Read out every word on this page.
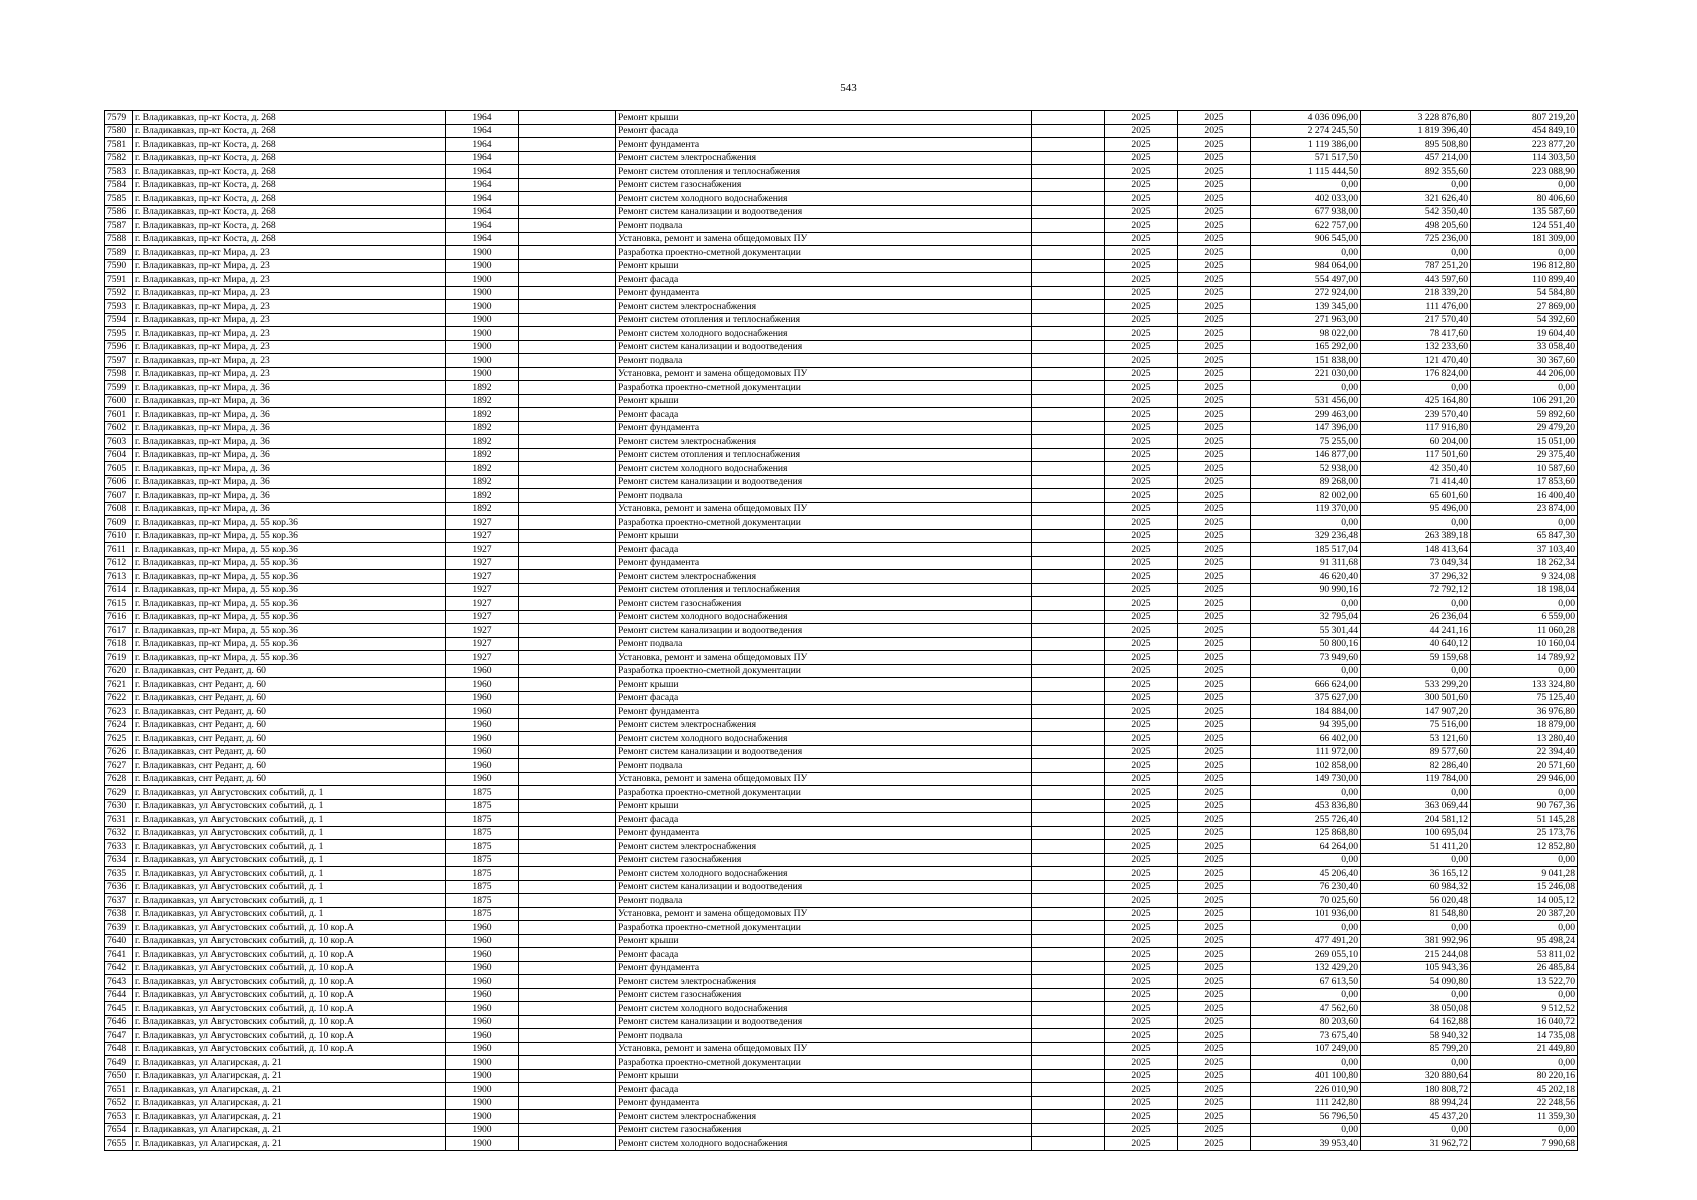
543
7579	г. Владикавказ, пр-кт Коста, д. 268	1964		Ремонт крыши		2025	2025	4 036 096,00	3 228 876,80	807 219,20
7580	г. Владикавказ, пр-кт Коста, д. 268	1964		Ремонт фасада		2025	2025	2 274 245,50	1 819 396,40	454 849,10
7581	г. Владикавказ, пр-кт Коста, д. 268	1964		Ремонт фундамента		2025	2025	1 119 386,00	895 508,80	223 877,20
7582	г. Владикавказ, пр-кт Коста, д. 268	1964		Ремонт систем электроснабжения		2025	2025	571 517,50	457 214,00	114 303,50
7583	г. Владикавказ, пр-кт Коста, д. 268	1964		Ремонт систем отопления и теплоснабжения		2025	2025	1 115 444,50	892 355,60	223 088,90
7584	г. Владикавказ, пр-кт Коста, д. 268	1964		Ремонт систем газоснабжения		2025	2025	0,00	0,00	0,00
7585	г. Владикавказ, пр-кт Коста, д. 268	1964		Ремонт систем холодного водоснабжения		2025	2025	402 033,00	321 626,40	80 406,60
7586	г. Владикавказ, пр-кт Коста, д. 268	1964		Ремонт систем канализации и водоотведения		2025	2025	677 938,00	542 350,40	135 587,60
7587	г. Владикавказ, пр-кт Коста, д. 268	1964		Ремонт подвала		2025	2025	622 757,00	498 205,60	124 551,40
7588	г. Владикавказ, пр-кт Коста, д. 268	1964		Установка, ремонт и замена общедомовых ПУ		2025	2025	906 545,00	725 236,00	181 309,00
7589	г. Владикавказ, пр-кт Мира, д. 23	1900		Разработка проектно-сметной документации		2025	2025	0,00	0,00	0,00
7590	г. Владикавказ, пр-кт Мира, д. 23	1900		Ремонт крыши		2025	2025	984 064,00	787 251,20	196 812,80
7591	г. Владикавказ, пр-кт Мира, д. 23	1900		Ремонт фасада		2025	2025	554 497,00	443 597,60	110 899,40
7592	г. Владикавказ, пр-кт Мира, д. 23	1900		Ремонт фундамента		2025	2025	272 924,00	218 339,20	54 584,80
7593	г. Владикавказ, пр-кт Мира, д. 23	1900		Ремонт систем электроснабжения		2025	2025	139 345,00	111 476,00	27 869,00
7594	г. Владикавказ, пр-кт Мира, д. 23	1900		Ремонт систем отопления и теплоснабжения		2025	2025	271 963,00	217 570,40	54 392,60
7595	г. Владикавказ, пр-кт Мира, д. 23	1900		Ремонт систем холодного водоснабжения		2025	2025	98 022,00	78 417,60	19 604,40
7596	г. Владикавказ, пр-кт Мира, д. 23	1900		Ремонт систем канализации и водоотведения		2025	2025	165 292,00	132 233,60	33 058,40
7597	г. Владикавказ, пр-кт Мира, д. 23	1900		Ремонт подвала		2025	2025	151 838,00	121 470,40	30 367,60
7598	г. Владикавказ, пр-кт Мира, д. 23	1900		Установка, ремонт и замена общедомовых ПУ		2025	2025	221 030,00	176 824,00	44 206,00
7599	г. Владикавказ, пр-кт Мира, д. 36	1892		Разработка проектно-сметной документации		2025	2025	0,00	0,00	0,00
7600	г. Владикавказ, пр-кт Мира, д. 36	1892		Ремонт крыши		2025	2025	531 456,00	425 164,80	106 291,20
7601	г. Владикавказ, пр-кт Мира, д. 36	1892		Ремонт фасада		2025	2025	299 463,00	239 570,40	59 892,60
7602	г. Владикавказ, пр-кт Мира, д. 36	1892		Ремонт фундамента		2025	2025	147 396,00	117 916,80	29 479,20
7603	г. Владикавказ, пр-кт Мира, д. 36	1892		Ремонт систем электроснабжения		2025	2025	75 255,00	60 204,00	15 051,00
7604	г. Владикавказ, пр-кт Мира, д. 36	1892		Ремонт систем отопления и теплоснабжения		2025	2025	146 877,00	117 501,60	29 375,40
7605	г. Владикавказ, пр-кт Мира, д. 36	1892		Ремонт систем холодного водоснабжения		2025	2025	52 938,00	42 350,40	10 587,60
7606	г. Владикавказ, пр-кт Мира, д. 36	1892		Ремонт систем канализации и водоотведения		2025	2025	89 268,00	71 414,40	17 853,60
7607	г. Владикавказ, пр-кт Мира, д. 36	1892		Ремонт подвала		2025	2025	82 002,00	65 601,60	16 400,40
7608	г. Владикавказ, пр-кт Мира, д. 36	1892		Установка, ремонт и замена общедомовых ПУ		2025	2025	119 370,00	95 496,00	23 874,00
7609	г. Владикавказ, пр-кт Мира, д. 55 кор.36	1927		Разработка проектно-сметной документации		2025	2025	0,00	0,00	0,00
7610	г. Владикавказ, пр-кт Мира, д. 55 кор.36	1927		Ремонт крыши		2025	2025	329 236,48	263 389,18	65 847,30
7611	г. Владикавказ, пр-кт Мира, д. 55 кор.36	1927		Ремонт фасада		2025	2025	185 517,04	148 413,64	37 103,40
7612	г. Владикавказ, пр-кт Мира, д. 55 кор.36	1927		Ремонт фундамента		2025	2025	91 311,68	73 049,34	18 262,34
7613	г. Владикавказ, пр-кт Мира, д. 55 кор.36	1927		Ремонт систем электроснабжения		2025	2025	46 620,40	37 296,32	9 324,08
7614	г. Владикавказ, пр-кт Мира, д. 55 кор.36	1927		Ремонт систем отопления и теплоснабжения		2025	2025	90 990,16	72 792,12	18 198,04
7615	г. Владикавказ, пр-кт Мира, д. 55 кор.36	1927		Ремонт систем газоснабжения		2025	2025	0,00	0,00	0,00
7616	г. Владикавказ, пр-кт Мира, д. 55 кор.36	1927		Ремонт систем холодного водоснабжения		2025	2025	32 795,04	26 236,04	6 559,00
7617	г. Владикавказ, пр-кт Мира, д. 55 кор.36	1927		Ремонт систем канализации и водоотведения		2025	2025	55 301,44	44 241,16	11 060,28
7618	г. Владикавказ, пр-кт Мира, д. 55 кор.36	1927		Ремонт подвала		2025	2025	50 800,16	40 640,12	10 160,04
7619	г. Владикавказ, пр-кт Мира, д. 55 кор.36	1927		Установка, ремонт и замена общедомовых ПУ		2025	2025	73 949,60	59 159,68	14 789,92
7620	г. Владикавказ, снт Редант, д. 60	1960		Разработка проектно-сметной документации		2025	2025	0,00	0,00	0,00
7621	г. Владикавказ, снт Редант, д. 60	1960		Ремонт крыши		2025	2025	666 624,00	533 299,20	133 324,80
7622	г. Владикавказ, снт Редант, д. 60	1960		Ремонт фасада		2025	2025	375 627,00	300 501,60	75 125,40
7623	г. Владикавказ, снт Редант, д. 60	1960		Ремонт фундамента		2025	2025	184 884,00	147 907,20	36 976,80
7624	г. Владикавказ, снт Редант, д. 60	1960		Ремонт систем электроснабжения		2025	2025	94 395,00	75 516,00	18 879,00
7625	г. Владикавказ, снт Редант, д. 60	1960		Ремонт систем холодного водоснабжения		2025	2025	66 402,00	53 121,60	13 280,40
7626	г. Владикавказ, снт Редант, д. 60	1960		Ремонт систем канализации и водоотведения		2025	2025	111 972,00	89 577,60	22 394,40
7627	г. Владикавказ, снт Редант, д. 60	1960		Ремонт подвала		2025	2025	102 858,00	82 286,40	20 571,60
7628	г. Владикавказ, снт Редант, д. 60	1960		Установка, ремонт и замена общедомовых ПУ		2025	2025	149 730,00	119 784,00	29 946,00
7629	г. Владикавказ, ул Августовских событий, д. 1	1875		Разработка проектно-сметной документации		2025	2025	0,00	0,00	0,00
7630	г. Владикавказ, ул Августовских событий, д. 1	1875		Ремонт крыши		2025	2025	453 836,80	363 069,44	90 767,36
7631	г. Владикавказ, ул Августовских событий, д. 1	1875		Ремонт фасада		2025	2025	255 726,40	204 581,12	51 145,28
7632	г. Владикавказ, ул Августовских событий, д. 1	1875		Ремонт фундамента		2025	2025	125 868,80	100 695,04	25 173,76
7633	г. Владикавказ, ул Августовских событий, д. 1	1875		Ремонт систем электроснабжения		2025	2025	64 264,00	51 411,20	12 852,80
7634	г. Владикавказ, ул Августовских событий, д. 1	1875		Ремонт систем газоснабжения		2025	2025	0,00	0,00	0,00
7635	г. Владикавказ, ул Августовских событий, д. 1	1875		Ремонт систем холодного водоснабжения		2025	2025	45 206,40	36 165,12	9 041,28
7636	г. Владикавказ, ул Августовских событий, д. 1	1875		Ремонт систем канализации и водоотведения		2025	2025	76 230,40	60 984,32	15 246,08
7637	г. Владикавказ, ул Августовских событий, д. 1	1875		Ремонт подвала		2025	2025	70 025,60	56 020,48	14 005,12
7638	г. Владикавказ, ул Августовских событий, д. 1	1875		Установка, ремонт и замена общедомовых ПУ		2025	2025	101 936,00	81 548,80	20 387,20
7639	г. Владикавказ, ул Августовских событий, д. 10 кор.А	1960		Разработка проектно-сметной документации		2025	2025	0,00	0,00	0,00
7640	г. Владикавказ, ул Августовских событий, д. 10 кор.А	1960		Ремонт крыши		2025	2025	477 491,20	381 992,96	95 498,24
7641	г. Владикавказ, ул Августовских событий, д. 10 кор.А	1960		Ремонт фасада		2025	2025	269 055,10	215 244,08	53 811,02
7642	г. Владикавказ, ул Августовских событий, д. 10 кор.А	1960		Ремонт фундамента		2025	2025	132 429,20	105 943,36	26 485,84
7643	г. Владикавказ, ул Августовских событий, д. 10 кор.А	1960		Ремонт систем электроснабжения		2025	2025	67 613,50	54 090,80	13 522,70
7644	г. Владикавказ, ул Августовских событий, д. 10 кор.А	1960		Ремонт систем газоснабжения		2025	2025	0,00	0,00	0,00
7645	г. Владикавказ, ул Августовских событий, д. 10 кор.А	1960		Ремонт систем холодного водоснабжения		2025	2025	47 562,60	38 050,08	9 512,52
7646	г. Владикавказ, ул Августовских событий, д. 10 кор.А	1960		Ремонт систем канализации и водоотведения		2025	2025	80 203,60	64 162,88	16 040,72
7647	г. Владикавказ, ул Августовских событий, д. 10 кор.А	1960		Ремонт подвала		2025	2025	73 675,40	58 940,32	14 735,08
7648	г. Владикавказ, ул Августовских событий, д. 10 кор.А	1960		Установка, ремонт и замена общедомовых ПУ		2025	2025	107 249,00	85 799,20	21 449,80
7649	г. Владикавказ, ул Алагирская, д. 21	1900		Разработка проектно-сметной документации		2025	2025	0,00	0,00	0,00
7650	г. Владикавказ, ул Алагирская, д. 21	1900		Ремонт крыши		2025	2025	401 100,80	320 880,64	80 220,16
7651	г. Владикавказ, ул Алагирская, д. 21	1900		Ремонт фасада		2025	2025	226 010,90	180 808,72	45 202,18
7652	г. Владикавказ, ул Алагирская, д. 21	1900		Ремонт фундамента		2025	2025	111 242,80	88 994,24	22 248,56
7653	г. Владикавказ, ул Алагирская, д. 21	1900		Ремонт систем электроснабжения		2025	2025	56 796,50	45 437,20	11 359,30
7654	г. Владикавказ, ул Алагирская, д. 21	1900		Ремонт систем газоснабжения		2025	2025	0,00	0,00	0,00
7655	г. Владикавказ, ул Алагирская, д. 21	1900		Ремонт систем холодного водоснабжения		2025	2025	39 953,40	31 962,72	7 990,68
